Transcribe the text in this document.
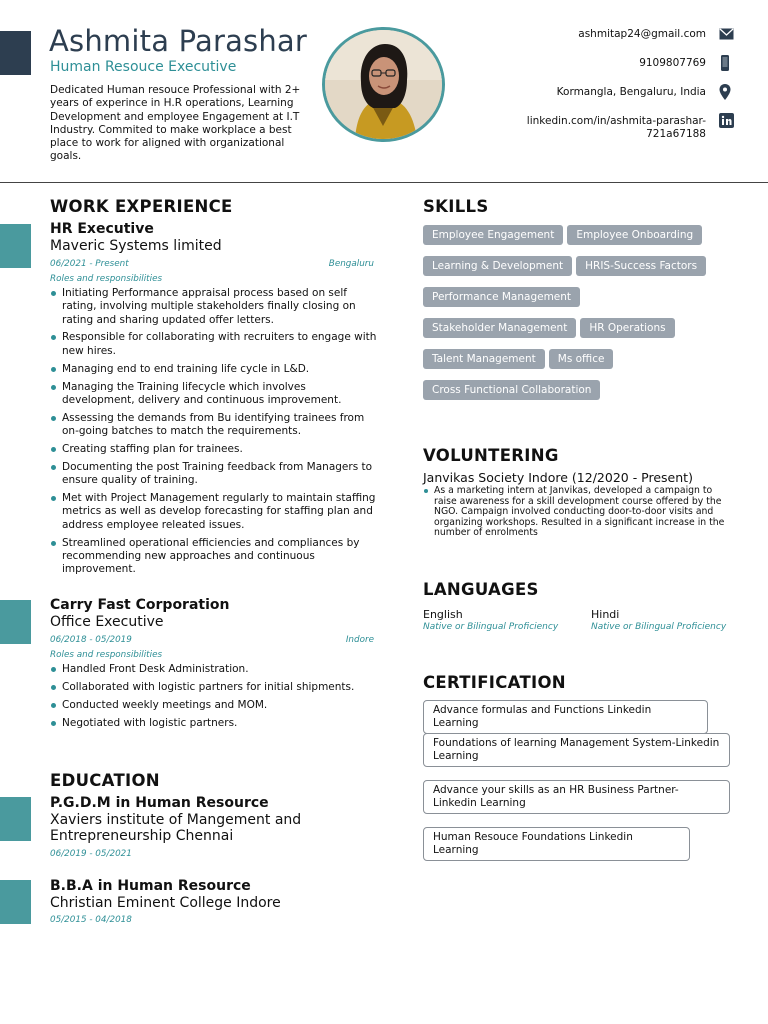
Ashmita Parashar
Human Resouce Executive
Dedicated Human resouce Professional with 2+ years of experince in H.R operations, Learning Development and employee Engagement at I.T Industry. Commited to make workplace a best place to work for aligned with organizational goals.
ashmitap24@gmail.com
9109807769
Kormangla, Bengaluru, India
linkedin.com/in/ashmita-parashar-
721a67188
WORK EXPERIENCE
HR Executive
Maveric Systems limited
06/2021 - Present	Bengaluru
Roles and responsibilities
Initiating Performance appraisal process based on self rating, involving multiple stakeholders finally closing on rating and sharing updated offer letters.
Responsible for collaborating with recruiters to engage with new hires.
Managing end to end training life cycle in L&D.
Managing the Training lifecycle which involves development, delivery and continuous improvement.
Assessing the demands from Bu identifying trainees from on-going batches to match the requirements.
Creating staffing plan for trainees.
Documenting the post Training feedback from Managers to ensure quality of training.
Met with Project Management regularly to maintain staffing metrics as well as develop forecasting for staffing plan and address employee releated issues.
Streamlined operational efficiencies and compliances by recommending new approaches and continuous improvement.
Carry Fast Corporation
Office Executive
06/2018 - 05/2019	Indore
Roles and responsibilities
Handled Front Desk Administration.
Collaborated with logistic partners for initial shipments.
Conducted weekly meetings and MOM.
Negotiated with logistic partners.
EDUCATION
P.G.D.M in Human Resource
Xaviers institute of Mangement and
Entrepreneurship Chennai
06/2019 - 05/2021
B.B.A in Human Resource
Christian Eminent College Indore
05/2015 - 04/2018
SKILLS
Employee Engagement Employee Onboarding
Learning & Development HRIS-Success Factors
Performance Management
Stakeholder Management HR Operations
Talent Management Ms office
Cross Functional Collaboration
VOLUNTERING
Janvikas Society Indore (12/2020 - Present)
As a marketing intern at Janvikas, developed a campaign to raise awareness for a skill development course offered by the NGO. Campaign involved conducting door-to-door visits and organizing workshops. Resulted in a significant increase in the number of enrolments
LANGUAGES
English
Native or Bilingual Proficiency
Hindi
Native or Bilingual Proficiency
CERTIFICATION
Advance formulas and Functions Linkedin Learning
Foundations of learning Management System-Linkedin Learning
Advance your skills as an HR Business Partner-Linkedin Learning
Human Resouce Foundations Linkedin Learning
